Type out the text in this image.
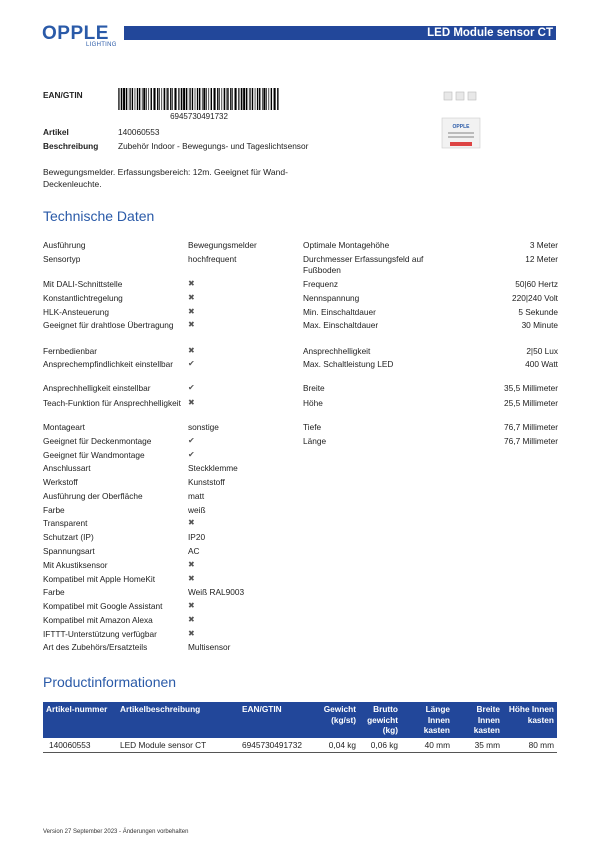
OPPLE
LIGHTING
LED Module sensor CT
EAN/GTIN
6945730491732
Artikel	140060553
Beschreibung Zubehör Indoor - Bewegungs- und Tageslichtsensor
OPPLE
Bewegungsmelder. Erfassungsbereich: 12m. Geeignet für Wand- Deckenleuchte.
Technische Daten
Ausführung	Bewegungsmelder
Sensortyp	hochfrequent
Mit DALI-Schnittstelle	✖
Konstantlichtregelung	✖
HLK-Ansteuerung	✖
Geeignet für drahtlose Übertragung	✖
Fernbedienbar	✖
Ansprechempfindlichkeit einstellbar	✔
Ansprechhelligkeit einstellbar	✔
Teach-Funktion für Ansprechhelligkeit ✖
Montageart	sonstige
Geeignet für Deckenmontage	✔
Geeignet für Wandmontage	✔
Anschlussart	Steckklemme
Werkstoff	Kunststoff
Ausführung der Oberfläche	matt
Farbe	weiß
Transparent	✖
Schutzart (IP)	IP20
Spannungsart	AC
Mit Akustiksensor	✖
Kompatibel mit Apple HomeKit	✖
Farbe	Weiß RAL9003
Kompatibel mit Google Assistant	✖
Kompatibel mit Amazon Alexa	✖
IFTTT-Unterstützung verfügbar	✖
Art des Zubehörs/Ersatzteils	Multisensor
Optimale Montagehöhe	3 Meter
Durchmesser Erfassungsfeld auf Fußboden
12 Meter
Frequenz	50|60 Hertz
Nennspannung	220|240 Volt
Min. Einschaltdauer	5 Sekunde
Max. Einschaltdauer	30 Minute
Ansprechhelligkeit	2|50 Lux
Max. Schaltleistung LED	400 Watt
Breite	35,5 Millimeter
Höhe	25,5 Millimeter
Tiefe	76,7 Millimeter
Länge	76,7 Millimeter
Productinformationen
Artikel-nummer	Artikelbeschreibung	EAN/GTIN	Gewicht (kg/st)	Brutto gewicht (kg)	Länge Innen kasten	Breite Innen kasten	Höhe Innen kasten
140060553	LED Module sensor CT	6945730491732	0,04 kg	0,06 kg	40 mm	35 mm	80 mm
Version 27 September 2023 - Änderungen vorbehalten
